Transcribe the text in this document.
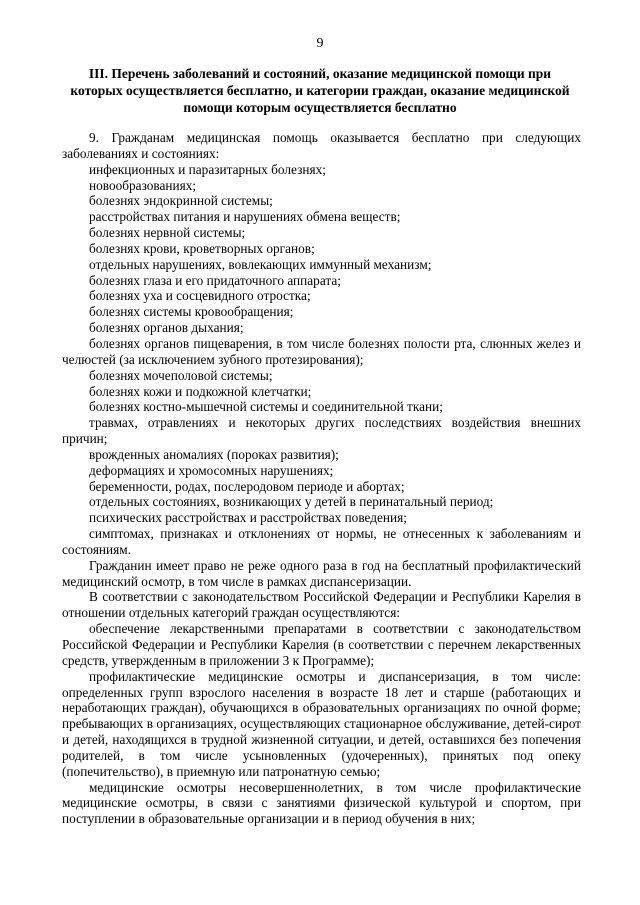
9
III. Перечень заболеваний и состояний, оказание медицинской помощи при которых осуществляется бесплатно, и категории граждан, оказание медицинской помощи которым осуществляется бесплатно

9. Гражданам медицинская помощь оказывается бесплатно при следующих заболеваниях и состояниях:

инфекционных и паразитарных болезнях;

новообразованиях;

болезнях эндокринной системы;

расстройствах питания и нарушениях обмена веществ;

болезнях нервной системы;

болезнях крови, кроветворных органов;

отдельных нарушениях, вовлекающих иммунный механизм;

болезнях глаза и его придаточного аппарата;

болезнях уха и сосцевидного отростка;

болезнях системы кровообращения;

болезнях органов дыхания;

болезнях органов пищеварения, в том числе болезнях полости рта, слюнных желез и челюстей (за исключением зубного протезирования);

болезнях мочеполовой системы;

болезнях кожи и подкожной клетчатки;

болезнях костно-мышечной системы и соединительной ткани;

травмах, отравлениях и некоторых других последствиях воздействия внешних причин;

врожденных аномалиях (пороках развития);

деформациях и хромосомных нарушениях;

беременности, родах, послеродовом периоде и абортах;

отдельных состояниях, возникающих у детей в перинатальный период;

психических расстройствах и расстройствах поведения;

симптомах, признаках и отклонениях от нормы, не отнесенных к заболеваниям и состояниям.

Гражданин имеет право не реже одного раза в год на бесплатный профилактический медицинский осмотр, в том числе в рамках диспансеризации.

В соответствии с законодательством Российской Федерации и Республики Карелия в отношении отдельных категорий граждан осуществляются:

обеспечение лекарственными препаратами в соответствии с законодательством Российской Федерации и Республики Карелия (в соответствии с перечнем лекарственных средств, утвержденным в приложении 3 к Программе);

профилактические медицинские осмотры и диспансеризация, в том числе: определенных групп взрослого населения в возрасте 18 лет и старше (работающих и неработающих граждан), обучающихся в образовательных организациях по очной форме; пребывающих в организациях, осуществляющих стационарное обслуживание, детей-сирот и детей, находящихся в трудной жизненной ситуации, и детей, оставшихся без попечения родителей, в том числе усыновленных (удочеренных), принятых под опеку (попечительство), в приемную или патронатную семью;

медицинские осмотры несовершеннолетних, в том числе профилактические медицинские осмотры, в связи с занятиями физической культурой и спортом, при поступлении в образовательные организации и в период обучения в них;
